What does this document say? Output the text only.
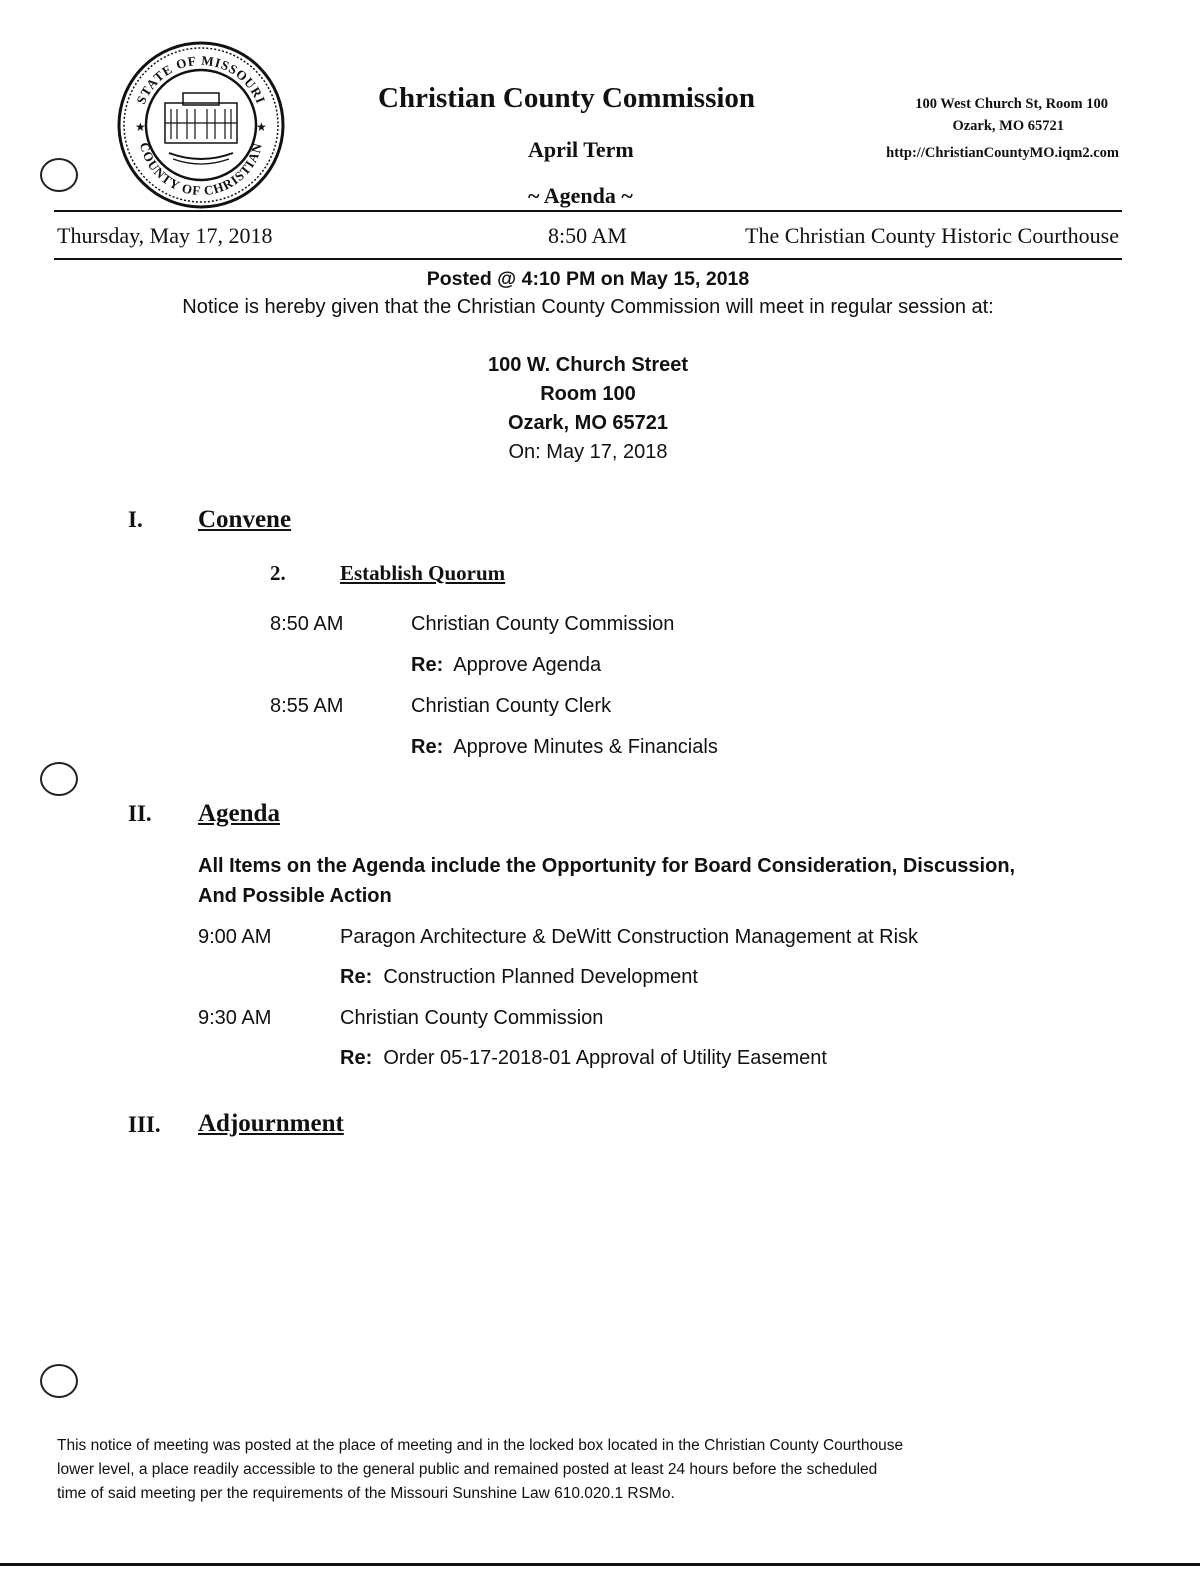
STATE OF MISSOURI
COUNTY OF CHRISTIAN
★	★
Christian County Commission
April Term
~ Agenda ~
100 West Church St, Room 100
Ozark, MO 65721
http://ChristianCountyMO.iqm2.com
Thursday, May 17, 2018	8:50 AM	The Christian County Historic Courthouse
Posted @ 4:10 PM on May 15, 2018
Notice is hereby given that the Christian County Commission will meet in regular session at:
100 W. Church Street
Room 100
Ozark, MO 65721
On: May 17, 2018
I. Convene
2.	Establish Quorum
8:50 AM	Christian County Commission
Re: Approve Agenda
8:55 AM	Christian County Clerk
Re: Approve Minutes & Financials
II. Agenda
All Items on the Agenda include the Opportunity for Board Consideration, Discussion,
And Possible Action
9:00 AM	Paragon Architecture & DeWitt Construction Management at Risk
Re: Construction Planned Development
9:30 AM	Christian County Commission
Re: Order 05-17-2018-01 Approval of Utility Easement
III. Adjournment
This notice of meeting was posted at the place of meeting and in the locked box located in the Christian County Courthouse
lower level, a place readily accessible to the general public and remained posted at least 24 hours before the scheduled
time of said meeting per the requirements of the Missouri Sunshine Law 610.020.1 RSMo.
